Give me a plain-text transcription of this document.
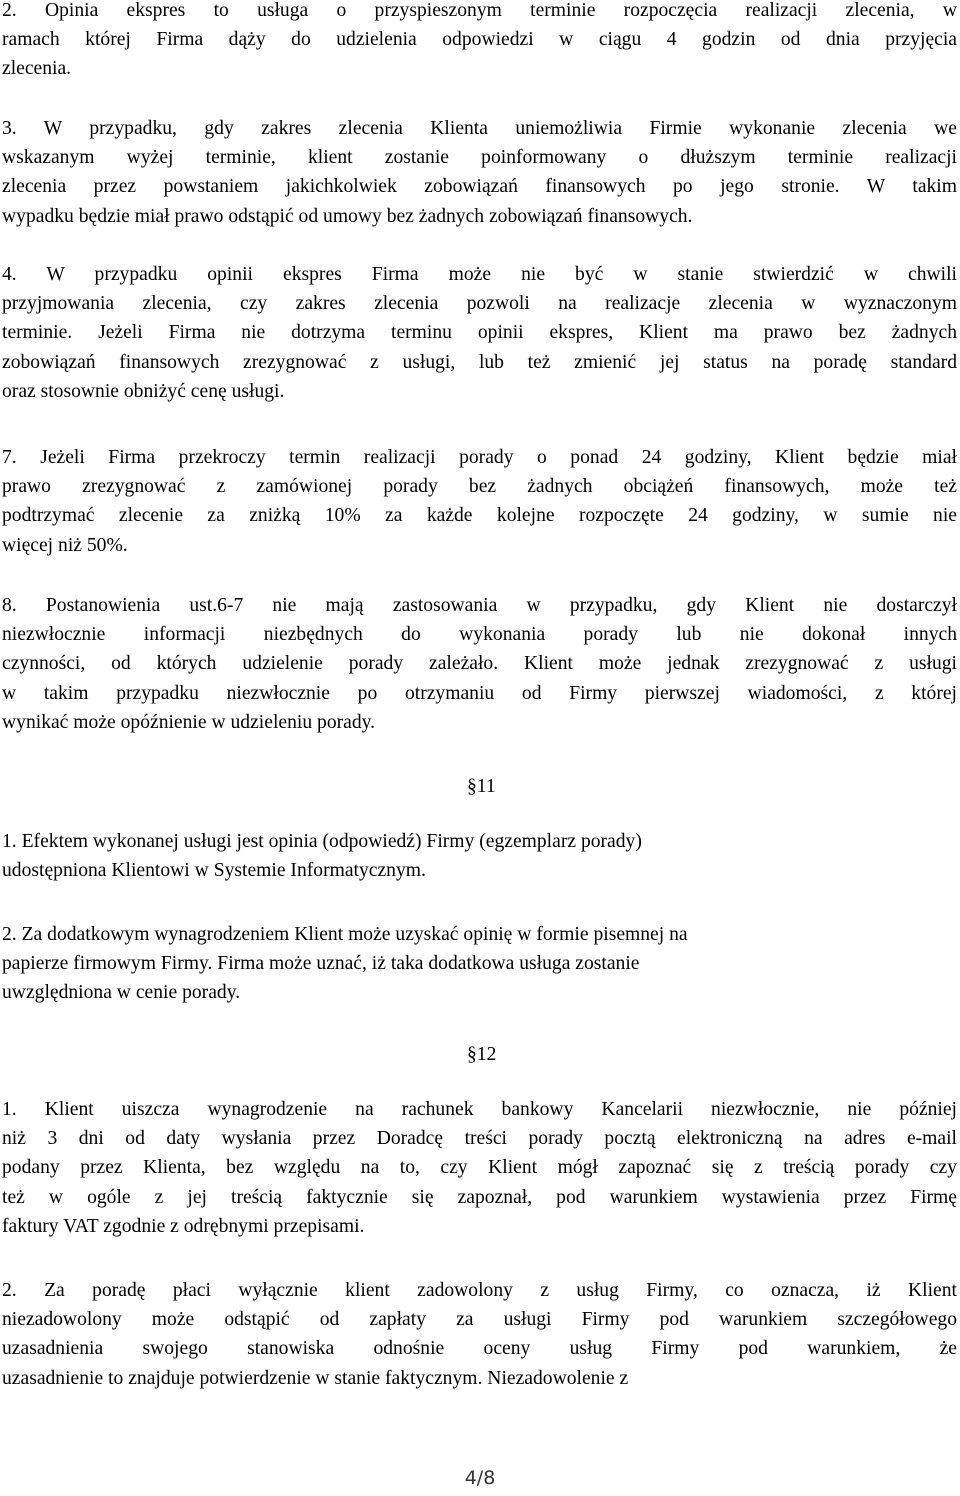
2. Opinia ekspres to usługa o przyspieszonym terminie rozpoczęcia realizacji zlecenia, w
ramach której Firma dąży do udzielenia odpowiedzi w ciągu 4 godzin od dnia przyjęcia
zlecenia.

3. W przypadku, gdy zakres zlecenia Klienta uniemożliwia Firmie wykonanie zlecenia we
wskazanym wyżej terminie, klient zostanie poinformowany o dłuższym terminie realizacji
zlecenia przez powstaniem jakichkolwiek zobowiązań finansowych po jego stronie. W takim
wypadku będzie miał prawo odstąpić od umowy bez żadnych zobowiązań finansowych.

4. W przypadku opinii ekspres Firma może nie być w stanie stwierdzić w chwili
przyjmowania zlecenia, czy zakres zlecenia pozwoli na realizacje zlecenia w wyznaczonym
terminie. Jeżeli Firma nie dotrzyma terminu opinii ekspres, Klient ma prawo bez żadnych
zobowiązań finansowych zrezygnować z usługi, lub też zmienić jej status na poradę standard
oraz stosownie obniżyć cenę usługi.

7. Jeżeli Firma przekroczy termin realizacji porady o ponad 24 godziny, Klient będzie miał
prawo zrezygnować z zamówionej porady bez żadnych obciążeń finansowych, może też
podtrzymać zlecenie za zniżką 10% za każde kolejne rozpoczęte 24 godziny, w sumie nie
więcej niż 50%.

8. Postanowienia ust.6-7 nie mają zastosowania w przypadku, gdy Klient nie dostarczył
niezwłocznie informacji niezbędnych do wykonania porady lub nie dokonał innych
czynności, od których udzielenie porady zależało. Klient może jednak zrezygnować z usługi
w takim przypadku niezwłocznie po otrzymaniu od Firmy pierwszej wiadomości, z której
wynikać może opóźnienie w udzieleniu porady.

§11

1. Efektem wykonanej usługi jest opinia (odpowiedź) Firmy (egzemplarz porady)
udostępniona Klientowi w Systemie Informatycznym.

2. Za dodatkowym wynagrodzeniem Klient może uzyskać opinię w formie pisemnej na
papierze firmowym Firmy. Firma może uznać, iż taka dodatkowa usługa zostanie
uwzględniona w cenie porady.

§12

1. Klient uiszcza wynagrodzenie na rachunek bankowy Kancelarii niezwłocznie, nie później
niż 3 dni od daty wysłania przez Doradcę treści porady pocztą elektroniczną na adres e-mail
podany przez Klienta, bez względu na to, czy Klient mógł zapoznać się z treścią porady czy
też w ogóle z jej treścią faktycznie się zapoznał, pod warunkiem wystawienia przez Firmę
faktury VAT zgodnie z odrębnymi przepisami.

2. Za poradę płaci wyłącznie klient zadowolony z usług Firmy, co oznacza, iż Klient
niezadowolony może odstąpić od zapłaty za usługi Firmy pod warunkiem szczegółowego
uzasadnienia swojego stanowiska odnośnie oceny usług Firmy pod warunkiem, że
uzasadnienie to znajduje potwierdzenie w stanie faktycznym. Niezadowolenie z

4/8
